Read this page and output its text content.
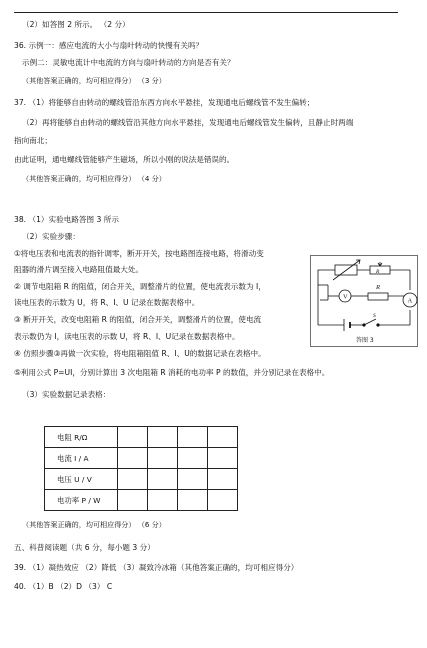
（2）如答图 2 所示。 （2 分）
36. 示例一：感应电流的大小与扇叶转动的快慢有关吗？
示例二：灵敏电流计中电流的方向与扇叶转动的方向是否有关？
（其他答案正确的，均可相应得分） （3 分）
37. （1）将能够自由转动的螺线管沿东西方向水平悬挂，发现通电后螺线管不发生偏转；
（2）再将能够自由转动的螺线管沿其他方向水平悬挂，发现通电后螺线管发生偏转，且静止时两端
指向南北；
由此证明，通电螺线管能够产生磁场，所以小刚的说法是错误的。
（其他答案正确的，均可相应得分） （4 分）
38. （1）实验电路答图 3 所示
（2）实验步骤：
①将电压表和电流表的指针调零，断开开关，按电路图连接电路，将滑动变
阻器的滑片调至接入电路阻值最大处。
② 调节电阻箱 R 的阻值，闭合开关，调整滑片的位置，使电流表示数为 I，
读电压表的示数为 U，将 R、I、U 记录在数据表格中。
③ 断开开关，改变电阻箱 R 的阻值，闭合开关，调整滑片的位置，使电流
表示数仍为 I，读电压表的示数 U，将 R、I、U记录在数据表格中。
④ 仿照步骤③再做一次实验，将电阻箱阻值 R、I、U的数据记录在表格中。
⑤利用公式 P=UI，分别计算出 3 次电阻箱 R 消耗的电功率 P 的数值，并分别记录在表格中。
（3）实验数据记录表格：
V
A
R
R
S
答图 3
电阻 R/Ω				
电流 I / A				
电压 U / V				
电功率 P / W				
（其他答案正确的，均可相应得分） （6 分）
五、科普阅读题（共 6 分，每小题 3 分）
39. （1）凝热效应 （2）降低 （3）凝致冷冰箱（其他答案正确的，均可相应得分）
40. （1）B （2）D （3） C
